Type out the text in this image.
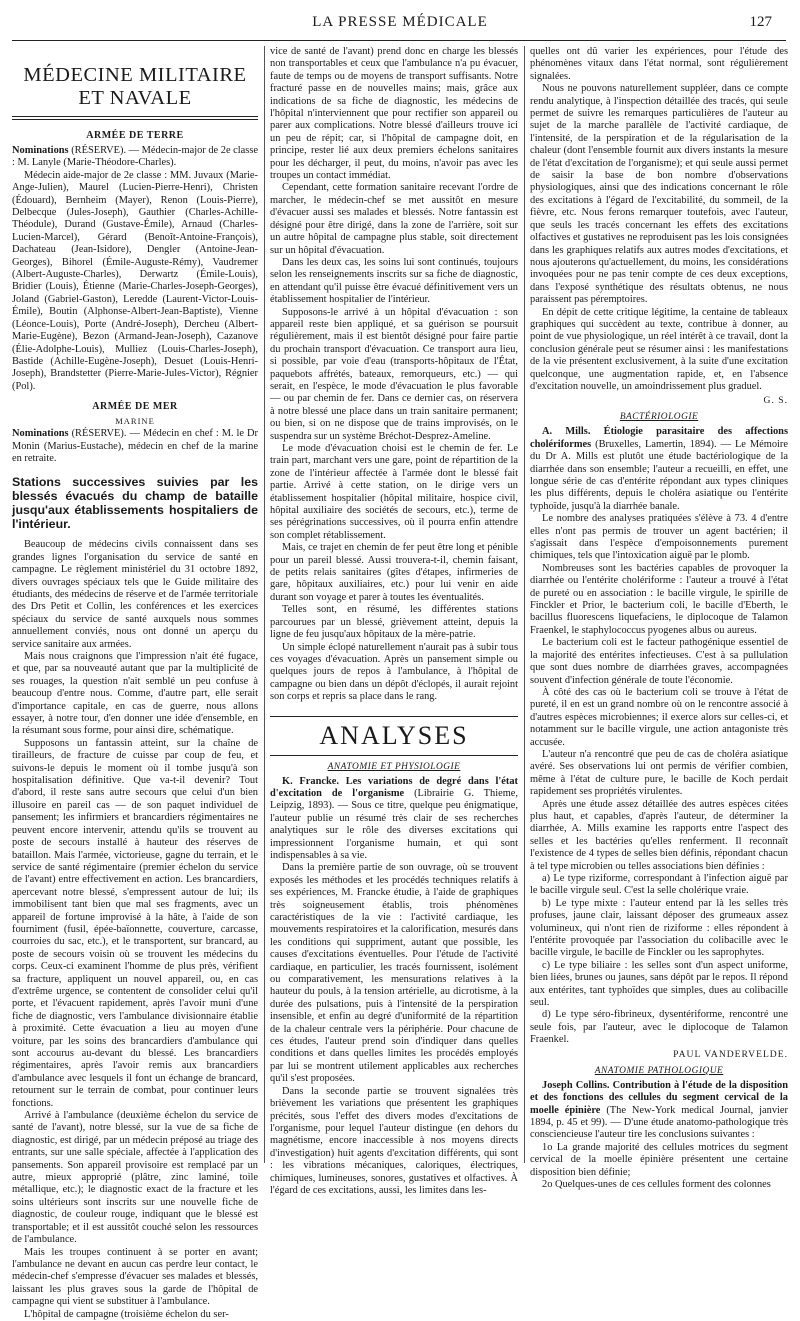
LA PRESSE MÉDICALE	127
MÉDECINE MILITAIRE ET NAVALE
ARMÉE DE TERRE

Nominations (RÉSERVE). — Médecin-major de 2e classe : M. Lanyle (Marie-Théodore-Charles).

Médecin aide-major de 2e classe : MM. Juvaux (Marie-Ange-Julien), Maurel (Lucien-Pierre-Henri), Christen (Édouard), Bernheim (Mayer), Renon (Louis-Pierre), Delbecque (Jules-Joseph), Gauthier (Charles-Achille-Théodule), Durand (Gustave-Émile), Arnaud (Charles-Lucien-Marcel), Gérard (Benoît-Antoine-François), Dachateau (Jean-Isidore), Dengler (Antoine-Jean-Georges), Bihorel (Émile-Auguste-Rémy), Vaudremer (Albert-Auguste-Charles), Derwartz (Émile-Louis), Bridier (Louis), Étienne (Marie-Charles-Joseph-Georges), Joland (Gabriel-Gaston), Leredde (Laurent-Victor-Louis-Émile), Boutin (Alphonse-Albert-Jean-Baptiste), Vienne (Léonce-Louis), Porte (André-Joseph), Dercheu (Albert-Marie-Eugène), Bezon (Armand-Jean-Joseph), Cazanove (Élie-Adolphe-Louis), Mulliez (Louis-Charles-Joseph), Bastide (Achille-Eugène-Joseph), Desuet (Louis-Henri-Joseph), Brandstetter (Pierre-Marie-Jules-Victor), Régnier (Pol).

ARMÉE DE MER
MARINE

Nominations (RÉSERVE). — Médecin en chef : M. le Dr Monin (Marius-Eustache), médecin en chef de la marine en retraite.

Stations successives suivies par les blessés évacués du champ de bataille jusqu'aux établissements hospitaliers de l'intérieur.

Beaucoup de médecins civils connaissent dans ses grandes lignes l'organisation du service de santé en campagne. Le règlement ministériel du 31 octobre 1892, divers ouvrages spéciaux tels que le Guide militaire des étudiants, des médecins de réserve et de l'armée territoriale des Drs Petit et Collin, les conférences et les exercices spéciaux du service de santé auxquels nous sommes annuellement conviés, nous ont donné un aperçu du service sanitaire aux armées.

Mais nous craignons que l'impression n'ait été fugace, et que, par sa nouveauté autant que par la multiplicité de ses rouages, la question n'ait semblé un peu confuse à beaucoup d'entre nous. Comme, d'autre part, elle serait d'importance capitale, en cas de guerre, nous allons essayer, à notre tour, d'en donner une idée d'ensemble, en la résumant sous forme, pour ainsi dire, schématique.

Supposons un fantassin atteint, sur la chaîne de tirailleurs, de fracture de cuisse par coup de feu, et suivons-le depuis le moment où il tombe jusqu'à son hospitalisation définitive. Que va-t-il devenir? Tout d'abord, il reste sans autre secours que celui d'un bien illusoire en pareil cas — de son paquet individuel de pansement; les infirmiers et brancardiers régimentaires ne peuvent encore intervenir, attendu qu'ils se trouvent au poste de secours installé à hauteur des réserves de bataillon. Mais l'armée, victorieuse, gagne du terrain, et le service de santé régimentaire (premier échelon du service de l'avant) entre effectivement en action. Les brancardiers, apercevant notre blessé, s'empressent autour de lui; ils immobilisent tant bien que mal ses fragments, avec un appareil de fortune improvisé à la hâte, à l'aide de son fourniment (fusil, épée-baïonnette, couverture, carcasse, courroies du sac, etc.), et le transportent, sur brancard, au poste de secours voisin où se trouvent les médecins du corps. Ceux-ci examinent l'homme de plus près, vérifient sa fracture, appliquent un nouvel appareil, ou, en cas d'extrême urgence, se contentent de consolider celui qu'il porte, et l'évacuent rapidement, après l'avoir muni d'une fiche de diagnostic, vers l'ambulance divisionnaire établie à proximité. Cette évacuation a lieu au moyen d'une voiture, par les soins des brancardiers d'ambulance qui sont accourus au-devant du blessé. Les brancardiers régimentaires, après l'avoir remis aux brancardiers d'ambulance avec lesquels il font un échange de brancard, retournent sur le terrain de combat, pour continuer leurs fonctions.

Arrivé à l'ambulance (deuxième échelon du service de santé de l'avant), notre blessé, sur la vue de sa fiche de diagnostic, est dirigé, par un médecin préposé au triage des entrants, sur une salle spéciale, affectée à l'application des pansements. Son appareil provisoire est remplacé par un autre, mieux approprié (plâtre, zinc laminé, toile métallique, etc.); le diagnostic exact de la fracture et les soins ultérieurs sont inscrits sur une nouvelle fiche de diagnostic, de couleur rouge, indiquant que le blessé est transportable; et il est aussitôt couché selon les ressources de l'ambulance.

Mais les troupes continuent à se porter en avant; l'ambulance ne devant en aucun cas perdre leur contact, le médecin-chef s'empresse d'évacuer ses malades et blessés, laissant les plus graves sous la garde de l'hôpital de campagne qui vient se substituer à l'ambulance.

L'hôpital de campagne (troisième échelon du ser-

vice de santé de l'avant) prend donc en charge les blessés non transportables et ceux que l'ambulance n'a pu évacuer, faute de temps ou de moyens de transport suffisants. Notre fracturé passe en de nouvelles mains; mais, grâce aux indications de sa fiche de diagnostic, les médecins de l'hôpital n'interviennent que pour rectifier son appareil ou parer aux complications. Notre blessé d'ailleurs trouve ici un peu de répit; car, si l'hôpital de campagne doit, en principe, rester lié aux deux premiers échelons sanitaires pour les décharger, il peut, du moins, n'avoir pas avec les troupes un contact immédiat.

Cependant, cette formation sanitaire recevant l'ordre de marcher, le médecin-chef se met aussitôt en mesure d'évacuer aussi ses malades et blessés. Notre fantassin est désigné pour être dirigé, dans la zone de l'arrière, soit sur un autre hôpital de campagne plus stable, soit directement sur un hôpital d'évacuation.

Dans les deux cas, les soins lui sont continués, toujours selon les renseignements inscrits sur sa fiche de diagnostic, en attendant qu'il puisse être évacué définitivement vers un établissement hospitalier de l'intérieur.

Supposons-le arrivé à un hôpital d'évacuation : son appareil reste bien appliqué, et sa guérison se poursuit régulièrement, mais il est bientôt désigné pour faire partie du prochain transport d'évacuation. Ce transport aura lieu, si possible, par voie d'eau (transports-hôpitaux de l'État, paquebots affrétés, bateaux, remorqueurs, etc.) — qui serait, en l'espèce, le mode d'évacuation le plus favorable — ou par chemin de fer. Dans ce dernier cas, on réservera à notre blessé une place dans un train sanitaire permanent; ou bien, si on ne dispose que de trains improvisés, on le suspendra sur un système Bréchot-Desprez-Ameline.

Le mode d'évacuation choisi est le chemin de fer. Le train part, marchant vers une gare, point de répartition de la zone de l'intérieur affectée à l'armée dont le blessé fait partie. Arrivé à cette station, on le dirige vers un établissement hospitalier (hôpital militaire, hospice civil, hôpital auxiliaire des sociétés de secours, etc.), terme de ses pérégrinations successives, où il pourra enfin attendre son complet rétablissement.

Mais, ce trajet en chemin de fer peut être long et pénible pour un pareil blessé. Aussi trouvera-t-il, chemin faisant, de petits relais sanitaires (gîtes d'étapes, infirmeries de gare, hôpitaux auxiliaires, etc.) pour lui venir en aide durant son voyage et parer à toutes les éventualités.

Telles sont, en résumé, les différentes stations parcourues par un blessé, grièvement atteint, depuis la ligne de feu jusqu'aux hôpitaux de la mère-patrie.

Un simple éclopé naturellement n'aurait pas à subir tous ces voyages d'évacuation. Après un pansement simple ou quelques jours de repos à l'ambulance, à l'hôpital de campagne ou bien dans un dépôt d'éclopés, il aurait rejoint son corps et repris sa place dans le rang.

ANALYSES
ANATOMIE ET PHYSIOLOGIE

K. Francke. Les variations de degré dans l'état d'excitation de l'organisme (Librairie G. Thieme, Leipzig, 1893). — Sous ce titre, quelque peu énigmatique, l'auteur publie un résumé très clair de ses recherches analytiques sur le rôle des diverses excitations qui impressionnent l'organisme humain, et qui sont indispensables à sa vie.

Dans la première partie de son ouvrage, où se trouvent exposés les méthodes et les procédés techniques relatifs à ses expériences, M. Francke étudie, à l'aide de graphiques très soigneusement établis, trois phénomènes caractéristiques de la vie : l'activité cardiaque, les mouvements respiratoires et la calorification, mesurés dans les conditions qui suppriment, autant que possible, les causes d'excitations éventuelles. Pour l'étude de l'activité cardiaque, en particulier, les tracés fournissent, isolément ou comparativement, les mensurations relatives à la hauteur du pouls, à la tension artérielle, au dicrotisme, à la durée des pulsations, puis à l'intensité de la perspiration insensible, et enfin au degré d'uniformité de la répartition de la chaleur centrale vers la périphérie. Pour chacune de ces études, l'auteur prend soin d'indiquer dans quelles conditions et dans quelles limites les procédés employés par lui se montrent utilement applicables aux recherches qu'il s'est proposées.

Dans la seconde partie se trouvent signalées très brièvement les variations que présentent les graphiques précités, sous l'effet des divers modes d'excitations de l'organisme, pour lequel l'auteur distingue (en dehors du magnétisme, encore inaccessible à nos moyens directs d'investigation) huit agents d'excitation différents, qui sont : les vibrations mécaniques, caloriques, électriques, chimiques, lumineuses, sonores, gustatives et olfactives. À l'égard de ces excitations, aussi, les limites dans les-

quelles ont dû varier les expériences, pour l'étude des phénomènes vitaux dans l'état normal, sont régulièrement signalées.

Nous ne pouvons naturellement suppléer, dans ce compte rendu analytique, à l'inspection détaillée des tracés, qui seule permet de suivre les remarques particulières de l'auteur au sujet de la marche parallèle de l'activité cardiaque, de l'intensité, de la perspiration et de la régularisation de la chaleur (dont l'ensemble fournit aux divers instants la mesure de l'état d'excitation de l'organisme); et qui seule aussi permet de saisir la base de bon nombre d'observations physiologiques, ainsi que des indications concernant le rôle des excitations à l'égard de l'excitabilité, du sommeil, de la fièvre, etc. Nous ferons remarquer toutefois, avec l'auteur, que seuls les tracés concernant les effets des excitations olfactives et gustatives ne reproduisent pas les lois consignées dans les graphiques relatifs aux autres modes d'excitations, et nous ajouterons qu'actuellement, du moins, les considérations invoquées pour ne pas tenir compte de ces deux exceptions, dans l'exposé synthétique des résultats obtenus, ne nous paraissent pas péremptoires.

En dépit de cette critique légitime, la centaine de tableaux graphiques qui succèdent au texte, contribue à donner, au point de vue physiologique, un réel intérêt à ce travail, dont la conclusion générale peut se résumer ainsi : les manifestations de la vie présentent exclusivement, à la suite d'une excitation quelconque, une augmentation rapide, et, en l'absence d'excitation nouvelle, un amoindrissement plus graduel.

G. S.
BACTÉRIOLOGIE

A. Mills. Étiologie parasitaire des affections cholériformes (Bruxelles, Lamertin, 1894). — Le Mémoire du Dr A. Mills est plutôt une étude bactériologique de la diarrhée dans son ensemble; l'auteur a recueilli, en effet, une longue série de cas d'entérite répondant aux types cliniques les plus différents, depuis le choléra asiatique ou l'entérite typhoïde, jusqu'à la diarrhée banale.

Le nombre des analyses pratiquées s'élève à 73. 4 d'entre elles n'ont pas permis de trouver un agent bactérien; il s'agissait dans l'espèce d'empoisonnements purement chimiques, tels que l'intoxication aiguë par le plomb.

Nombreuses sont les bactéries capables de provoquer la diarrhée ou l'entérite cholériforme : l'auteur a trouvé à l'état de pureté ou en association : le bacille virgule, le spirille de Finckler et Prior, le bacterium coli, le bacille d'Eberth, le bacillus fluorescens liquefaciens, le diplocoque de Talamon Fraenkel, le staphylococcus pyogenes albus ou aureus.

Le bacterium coli est le facteur pathogénique essentiel de la majorité des entérites infectieuses. C'est à sa pullulation que sont dues nombre de diarrhées graves, accompagnées souvent d'infection générale de toute l'économie.

À côté des cas où le bacterium coli se trouve à l'état de pureté, il en est un grand nombre où on le rencontre associé à d'autres espèces microbiennes; il exerce alors sur celles-ci, et notamment sur le bacille virgule, une action antagoniste très accusée.

L'auteur n'a rencontré que peu de cas de choléra asiatique avéré. Ses observations lui ont permis de vérifier combien, même à l'état de culture pure, le bacille de Koch perdait rapidement ses propriétés virulentes.

Après une étude assez détaillée des autres espèces citées plus haut, et capables, d'après l'auteur, de déterminer la diarrhée, A. Mills examine les rapports entre l'aspect des selles et les bactéries qu'elles renferment. Il reconnaît l'existence de 4 types de selles bien définis, répondant chacun à tel type microbien ou telles associations bien définies :

a) Le type riziforme, correspondant à l'infection aiguë par le bacille virgule seul. C'est la selle cholérique vraie.

b) Le type mixte : l'auteur entend par là les selles très profuses, jaune clair, laissant déposer des grumeaux assez volumineux, qui n'ont rien de riziforme : elles répondent à l'entérite provoquée par l'association du colibacille avec le bacille virgule, le bacille de Finckler ou les saprophytes.

c) Le type biliaire : les selles sont d'un aspect uniforme, bien liées, brunes ou jaunes, sans dépôt par le repos. Il répond aux entérites, tant typhoïdes que simples, dues au colibacille seul.

d) Le type séro-fibrineux, dysentériforme, rencontré une seule fois, par l'auteur, avec le diplocoque de Talamon Fraenkel.

PAUL VANDERVELDE.
ANATOMIE PATHOLOGIQUE

Joseph Collins. Contribution à l'étude de la disposition et des fonctions des cellules du segment cervical de la moelle épinière (The New-York medical Journal, janvier 1894, p. 45 et 99). — D'une étude anatomo-pathologique très consciencieuse l'auteur tire les conclusions suivantes :

1o La grande majorité des cellules motrices du segment cervical de la moelle épinière présentent une certaine disposition bien définie;

2o Quelques-unes de ces cellules forment des colonnes
